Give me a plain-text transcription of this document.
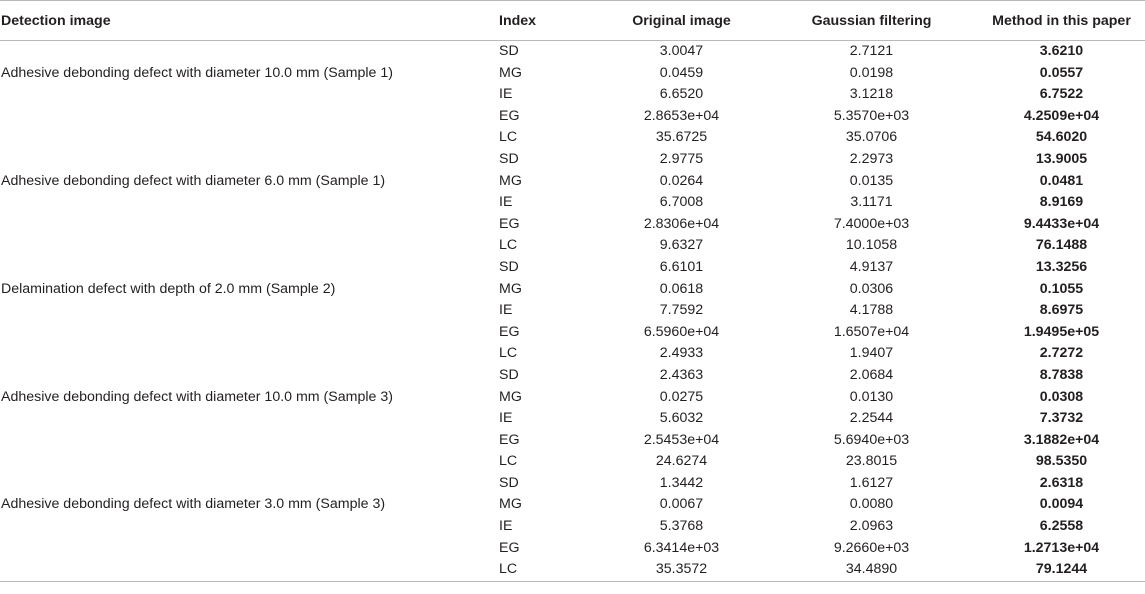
Detection image	Index	Original image	Gaussian filtering	Method in this paper
	SD	3.0047	2.7121	3.6210
Adhesive debonding defect with diameter 10.0 mm (Sample 1)	MG	0.0459	0.0198	0.0557
	IE	6.6520	3.1218	6.7522
	EG	2.8653e+04	5.3570e+03	4.2509e+04
	LC	35.6725	35.0706	54.6020
	SD	2.9775	2.2973	13.9005
Adhesive debonding defect with diameter 6.0 mm (Sample 1)	MG	0.0264	0.0135	0.0481
	IE	6.7008	3.1171	8.9169
	EG	2.8306e+04	7.4000e+03	9.4433e+04
	LC	9.6327	10.1058	76.1488
	SD	6.6101	4.9137	13.3256
Delamination defect with depth of 2.0 mm (Sample 2)	MG	0.0618	0.0306	0.1055
	IE	7.7592	4.1788	8.6975
	EG	6.5960e+04	1.6507e+04	1.9495e+05
	LC	2.4933	1.9407	2.7272
	SD	2.4363	2.0684	8.7838
Adhesive debonding defect with diameter 10.0 mm (Sample 3)	MG	0.0275	0.0130	0.0308
	IE	5.6032	2.2544	7.3732
	EG	2.5453e+04	5.6940e+03	3.1882e+04
	LC	24.6274	23.8015	98.5350
	SD	1.3442	1.6127	2.6318
Adhesive debonding defect with diameter 3.0 mm (Sample 3)	MG	0.0067	0.0080	0.0094
	IE	5.3768	2.0963	6.2558
	EG	6.3414e+03	9.2660e+03	1.2713e+04
	LC	35.3572	34.4890	79.1244
